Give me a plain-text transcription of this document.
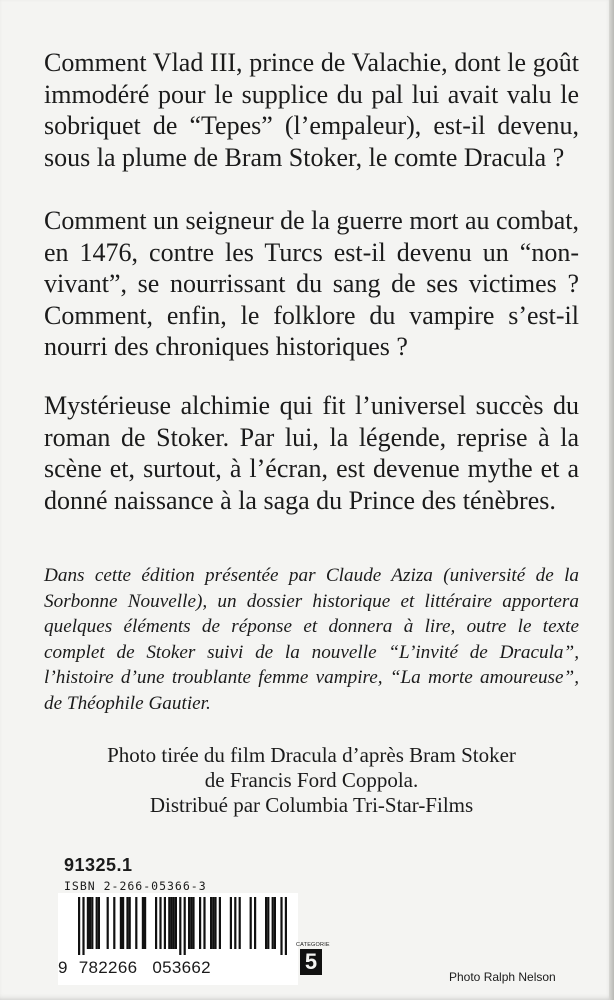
Comment Vlad III, prince de Valachie, dont le goût immodéré pour le supplice du pal lui avait valu le sobriquet de “Tepes” (l’empaleur), est-il devenu, sous la plume de Bram Stoker, le comte Dracula ?

Comment un seigneur de la guerre mort au combat, en 1476, contre les Turcs est-il devenu un “non-vivant”, se nourrissant du sang de ses victimes ? Comment, enfin, le folklore du vampire s’est-il nourri des chroniques historiques ?

Mystérieuse alchimie qui fit l’universel succès du roman de Stoker. Par lui, la légende, reprise à la scène et, surtout, à l’écran, est devenue mythe et a donné naissance à la saga du Prince des ténèbres.

Dans cette édition présentée par Claude Aziza (université de la Sorbonne Nouvelle), un dossier historique et littéraire apportera quelques éléments de réponse et donnera à lire, outre le texte complet de Stoker suivi de la nouvelle “L’invité de Dracula”, l’histoire d’une troublante femme vampire, “La morte amoureuse”, de Théophile Gautier.

Photo tirée du film Dracula d’après Bram Stoker
de Francis Ford Coppola.
Distribué par Columbia Tri-Star-Films

91325.1
ISBN 2-266-05366-3
9 782266 053662
CATEGORIE
5
Photo Ralph Nelson
